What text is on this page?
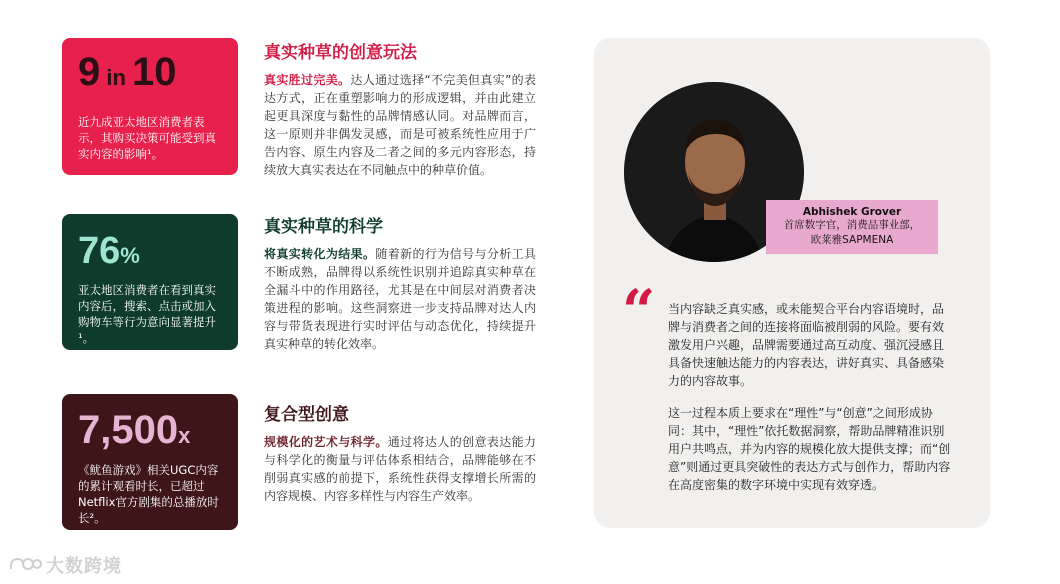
9 in 10
近九成亚太地区消费者表示，其购买决策可能受到真实内容的影响¹。
76%
亚太地区消费者在看到真实内容后，搜索、点击或加入购物车等行为意向显著提升¹。
7,500x
《鱿鱼游戏》相关UGC内容的累计观看时长，已超过Netflix官方剧集的总播放时长²。
真实种草的创意玩法

真实胜过完美。达人通过选择“不完美但真实”的表达方式，正在重塑影响力的形成逻辑，并由此建立起更具深度与黏性的品牌情感认同。对品牌而言，这一原则并非偶发灵感，而是可被系统性应用于广告内容、原生内容及二者之间的多元内容形态，持续放大真实表达在不同触点中的种草价值。

真实种草的科学

将真实转化为结果。随着新的行为信号与分析工具不断成熟，品牌得以系统性识别并追踪真实种草在全漏斗中的作用路径，尤其是在中间层对消费者决策进程的影响。这些洞察进一步支持品牌对达人内容与带货表现进行实时评估与动态优化，持续提升真实种草的转化效率。

复合型创意

规模化的艺术与科学。通过将达人的创意表达能力与科学化的衡量与评估体系相结合，品牌能够在不削弱真实感的前提下，系统性获得支撑增长所需的内容规模、内容多样性与内容生产效率。

Abhishek Grover
首席数字官，消费品事业部，
欧莱雅SAPMENA
“ 当内容缺乏真实感，或未能契合平台内容语境时，品牌与消费者之间的连接将面临被削弱的风险。要有效激发用户兴趣，品牌需要通过高互动度、强沉浸感且具备快速触达能力的内容表达，讲好真实、具备感染力的内容故事。

这一过程本质上要求在“理性”与“创意”之间形成协同：其中，“理性”依托数据洞察，帮助品牌精准识别用户共鸣点，并为内容的规模化放大提供支撑；而“创意”则通过更具突破性的表达方式与创作力，帮助内容在高度密集的数字环境中实现有效穿透。

大数跨境
